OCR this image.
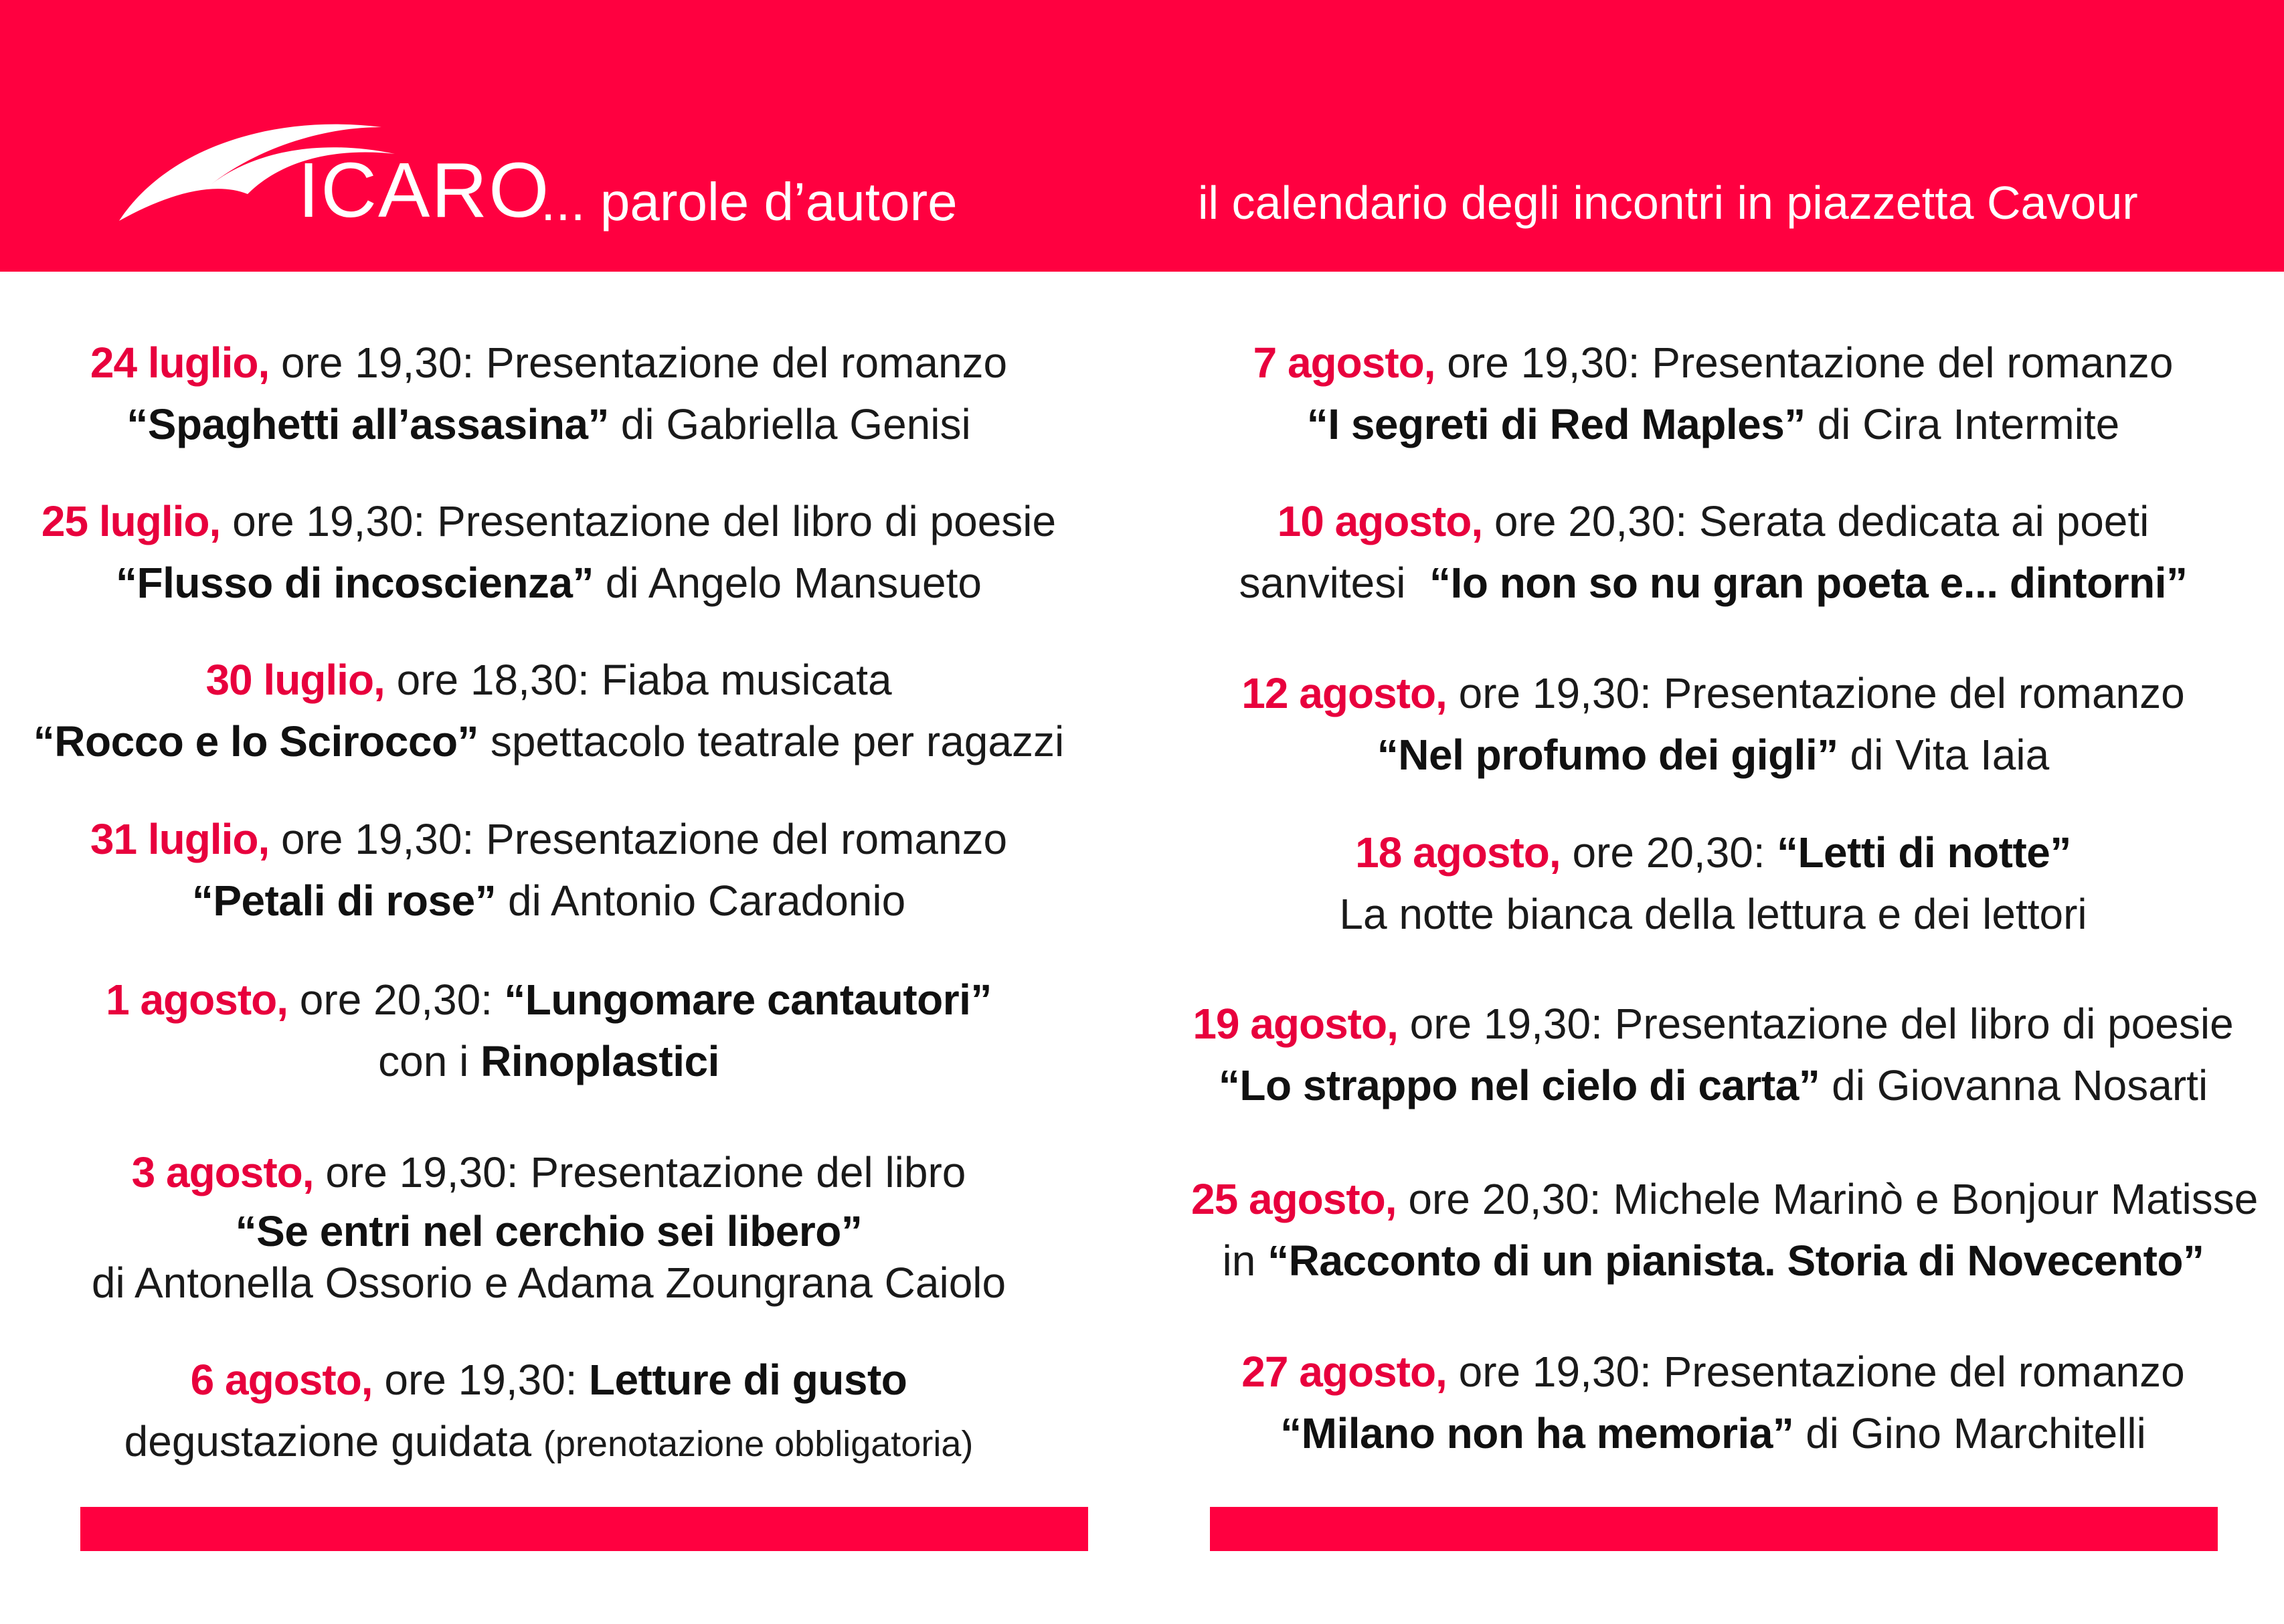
ICARO
... parole d’autore	il calendario degli incontri in piazzetta Cavour
24 luglio, ore 19,30: Presentazione del romanzo
“Spaghetti all’assasina” di Gabriella Genisi
25 luglio, ore 19,30: Presentazione del libro di poesie
“Flusso di incoscienza” di Angelo Mansueto
30 luglio, ore 18,30: Fiaba musicata
“Rocco e lo Scirocco” spettacolo teatrale per ragazzi
31 luglio, ore 19,30: Presentazione del romanzo
“Petali di rose” di Antonio Caradonio
1 agosto, ore 20,30: “Lungomare cantautori”
con i Rinoplastici
3 agosto, ore 19,30: Presentazione del libro
“Se entri nel cerchio sei libero”
di Antonella Ossorio e Adama Zoungrana Caiolo
6 agosto, ore 19,30: Letture di gusto
degustazione guidata (prenotazione obbligatoria)
7 agosto, ore 19,30: Presentazione del romanzo
“I segreti di Red Maples” di Cira Intermite
10 agosto, ore 20,30: Serata dedicata ai poeti
sanvitesi  “Io non so nu gran poeta e... dintorni”
12 agosto, ore 19,30: Presentazione del romanzo
“Nel profumo dei gigli” di Vita Iaia
18 agosto, ore 20,30: “Letti di notte”
La notte bianca della lettura e dei lettori
19 agosto, ore 19,30: Presentazione del libro di poesie
“Lo strappo nel cielo di carta” di Giovanna Nosarti
25 agosto, ore 20,30: Michele Marinò e Bonjour Matisse
in “Racconto di un pianista. Storia di Novecento”
27 agosto, ore 19,30: Presentazione del romanzo
“Milano non ha memoria” di Gino Marchitelli
